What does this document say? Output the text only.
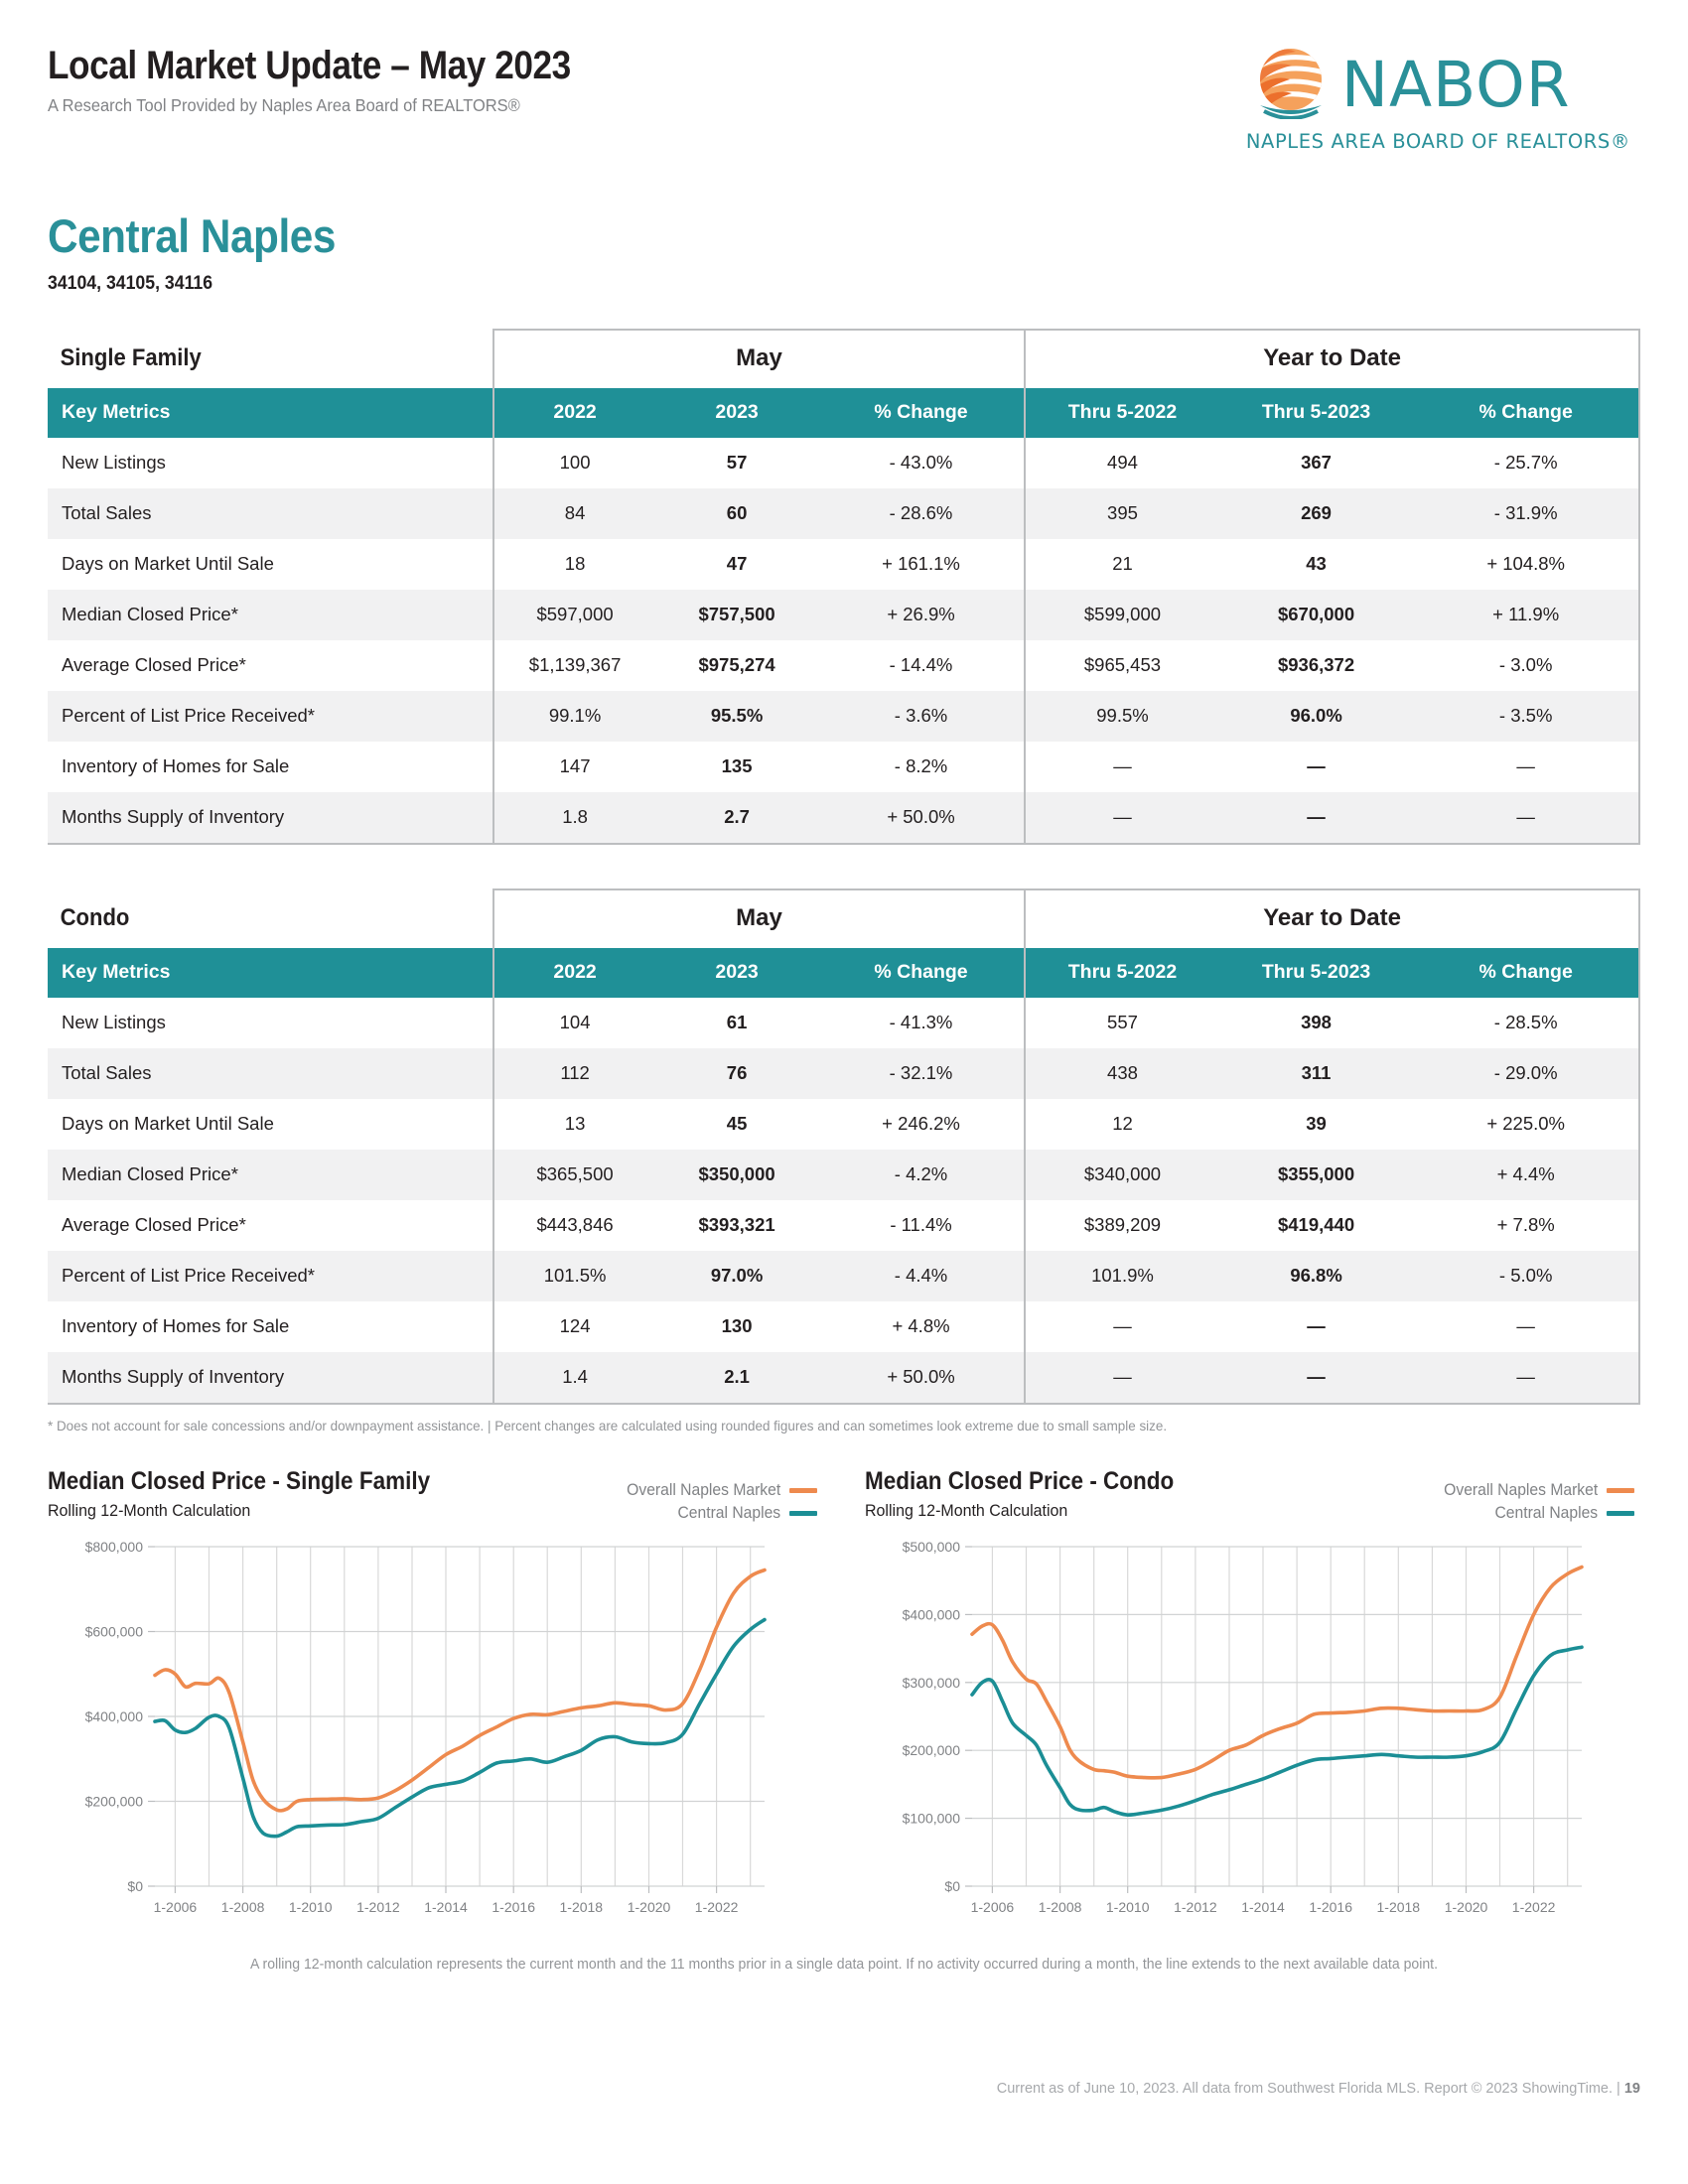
Local Market Update – May 2023
A Research Tool Provided by Naples Area Board of REALTORS®	NABOR
NAPLES AREA BOARD OF REALTORS®
Central Naples
34104, 34105, 34116
Single Family	May			Year to Date		
Key Metrics	2022	2023	% Change	Thru 5-2022	Thru 5-2023	% Change
New Listings	100	57	- 43.0%	494	367	- 25.7%
Total Sales	84	60	- 28.6%	395	269	- 31.9%
Days on Market Until Sale	18	47	+ 161.1%	21	43	+ 104.8%
Median Closed Price*	$597,000	$757,500	+ 26.9%	$599,000	$670,000	+ 11.9%
Average Closed Price*	$1,139,367	$975,274	- 14.4%	$965,453	$936,372	- 3.0%
Percent of List Price Received*	99.1%	95.5%	- 3.6%	99.5%	96.0%	- 3.5%
Inventory of Homes for Sale	147	135	- 8.2%	—	—	—
Months Supply of Inventory	1.8	2.7	+ 50.0%	—	—	—
Condo	May			Year to Date		
Key Metrics	2022	2023	% Change	Thru 5-2022	Thru 5-2023	% Change
New Listings	104	61	- 41.3%	557	398	- 28.5%
Total Sales	112	76	- 32.1%	438	311	- 29.0%
Days on Market Until Sale	13	45	+ 246.2%	12	39	+ 225.0%
Median Closed Price*	$365,500	$350,000	- 4.2%	$340,000	$355,000	+ 4.4%
Average Closed Price*	$443,846	$393,321	- 11.4%	$389,209	$419,440	+ 7.8%
Percent of List Price Received*	101.5%	97.0%	- 4.4%	101.9%	96.8%	- 5.0%
Inventory of Homes for Sale	124	130	+ 4.8%	—	—	—
Months Supply of Inventory	1.4	2.1	+ 50.0%	—	—	—
* Does not account for sale concessions and/or downpayment assistance. | Percent changes are calculated using rounded figures and can sometimes look extreme due to small sample size.
Median Closed Price - Single Family
Rolling 12-Month Calculation
Overall Naples Market
Central Naples
$0
$200,000
$400,000
$600,000
$800,000
1-2006 1-2008 1-2010 1-2012 1-2014 1-2016 1-2018 1-2020 1-2022
Median Closed Price - Condo
Rolling 12-Month Calculation
Overall Naples Market
Central Naples
$0
$100,000
$200,000
$300,000
$400,000
$500,000
1-2006 1-2008 1-2010 1-2012 1-2014 1-2016 1-2018 1-2020 1-2022
A rolling 12-month calculation represents the current month and the 11 months prior in a single data point. If no activity occurred during a month, the line extends to the next available data point.
Current as of June 10, 2023. All data from Southwest Florida MLS. Report © 2023 ShowingTime. | 19
